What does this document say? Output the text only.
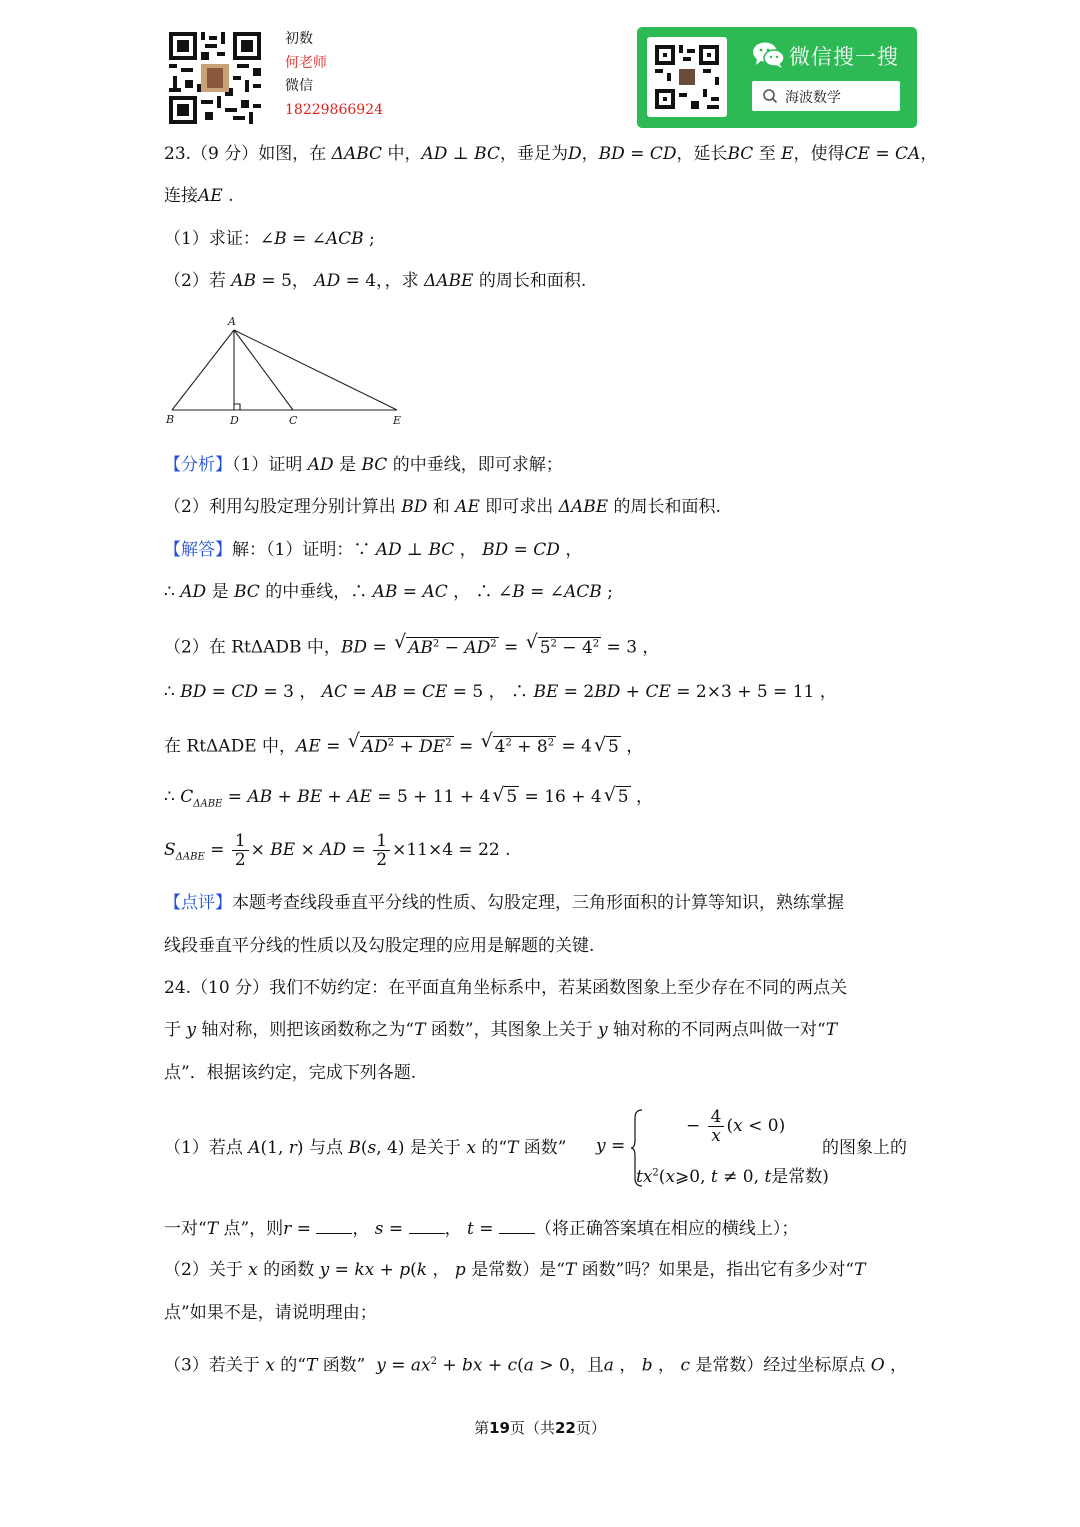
初数
何老师
微信
18229866924
微信搜一搜
海波数学
23.（9 分）如图，在 ΔABC 中，AD ⊥ BC，垂足为D，BD = CD，延长BC 至 E，使得CE = CA，
连接AE .
（1）求证：∠B = ∠ACB ;
（2）若 AB = 5， AD = 4，，求 ΔABE 的周长和面积.
A
B	D	C	E
【分析】（1）证明 AD 是 BC 的中垂线，即可求解；
（2）利用勾股定理分别计算出 BD 和 AE 即可求出 ΔABE 的周长和面积.
【解答】解：（1）证明：∵ AD ⊥ BC ， BD = CD ，
∴ AD 是 BC 的中垂线，∴ AB = AC ， ∴ ∠B = ∠ACB ;
（2）在 RtΔADB 中，BD = √ $AB^2 - AD^2$ = √ $5^2 - 4^2 = 3$ ，
∴ BD = CD = 3 ， AC = AB = CE = 5 ， ∴ BE = 2BD + CE = 2×3 + 5 = 11 ，
在 RtΔADE 中，AE = √ $AD^2 + DE^2$ = √ $4^2 + 8^2 = 4√$ 5 ，
∴ $C_{\Delta ABE}$ = AB + BE + AE = 5 + 11 + 4√ 5 = 16 + 4√ 5 ，
$S_{\Delta ABE} = \frac{1}{2}$ × BE × AD = $\frac{1}{2} \times 11\times 4 = 22$ .
【点评】本题考查线段垂直平分线的性质、勾股定理，三角形面积的计算等知识，熟练掌握
线段垂直平分线的性质以及勾股定理的应用是解题的关键.
24.（10 分）我们不妨约定：在平面直角坐标系中，若某函数图象上至少存在不同的两点关
于 y 轴对称，则把该函数称之为“T 函数”，其图象上关于 y 轴对称的不同两点叫做一对“T
点”．根据该约定，完成下列各题.
（1）若点 A(1, r) 与点 B(s, 4) 是关于 x 的“T 函数” y =
− $\frac{4}{x} (x < 0)$
$tx^2(x⩾0$, t ≠ 0, t是常数)
的图象上的
一对“T 点”，则r = ， s = ， t = （将正确答案填在相应的横线上）；
（2）关于 x 的函数 y = kx + p(k ， p 是常数）是“T 函数”吗？如果是，指出它有多少对“T
点”如果不是，请说明理由；
（3）若关于 x 的“T 函数” $y = ax^2$ + bx + c(a > 0，且a ， b ， c 是常数）经过坐标原点 O ，
第19页（共22页）
